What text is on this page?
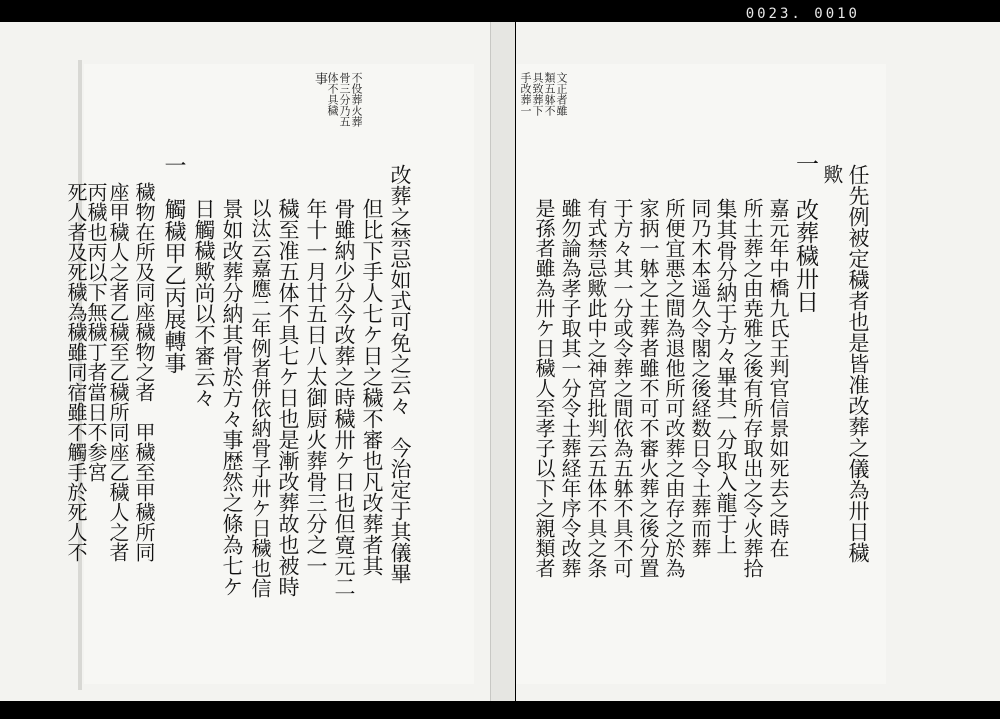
0023. 0010
不伇葬火葬
骨三分乃五
体不具穢
事
改葬之禁忌如式可免之云々　今治定于其儀畢
但比下手人七ケ日之穢不審也凡改葬者其
骨雖納少分今改葬之時穢卅ケ日也但寛元二
年十一月廿五日八太御厨火葬骨三分之一
穢至准五体不具七ケ日也是漸改葬故也被時
以汰云嘉應二年例者併依納骨子卅ケ日穢也信
景如改葬分納其骨於方々事歴然之條為七ケ
日觸穢歟尚以不審云々
一　觸穢甲乙丙展轉事
穢物在所及同座穢物之者　甲穢至甲穢所同
座甲穢人之者乙穢至乙穢所同座乙穢人之者
丙穢也丙以下無穢丁者當日不参宮
死人者及死穢為穢雖同宿雖不觸手於死人不
文正者雖
類五躰不
具致葬下
手改葬一
任先例被定穢者也是皆准改葬之儀為卅日穢
歟
一　改葬穢卅日
嘉元年中橋九氏王判官信景如死去之時在
所土葬之由尭雅之後有所存取出之令火葬拾
集其骨分納于方々畢其一分取入龍于上
同乃木本遥久令閣之後経数日令土葬而葬
所便宜悪之間為退他所可改葬之由存之於為
家抦一躰之土葬者雖不可不審火葬之後分置
于方々其一分或令葬之間依為五躰不具不可
有式禁忌歟此中之神宮批判云五体不具之条
雖勿論為孝子取其一分令土葬経年序令改葬
是孫者雖為卅ケ日穢人至孝子以下之親類者
